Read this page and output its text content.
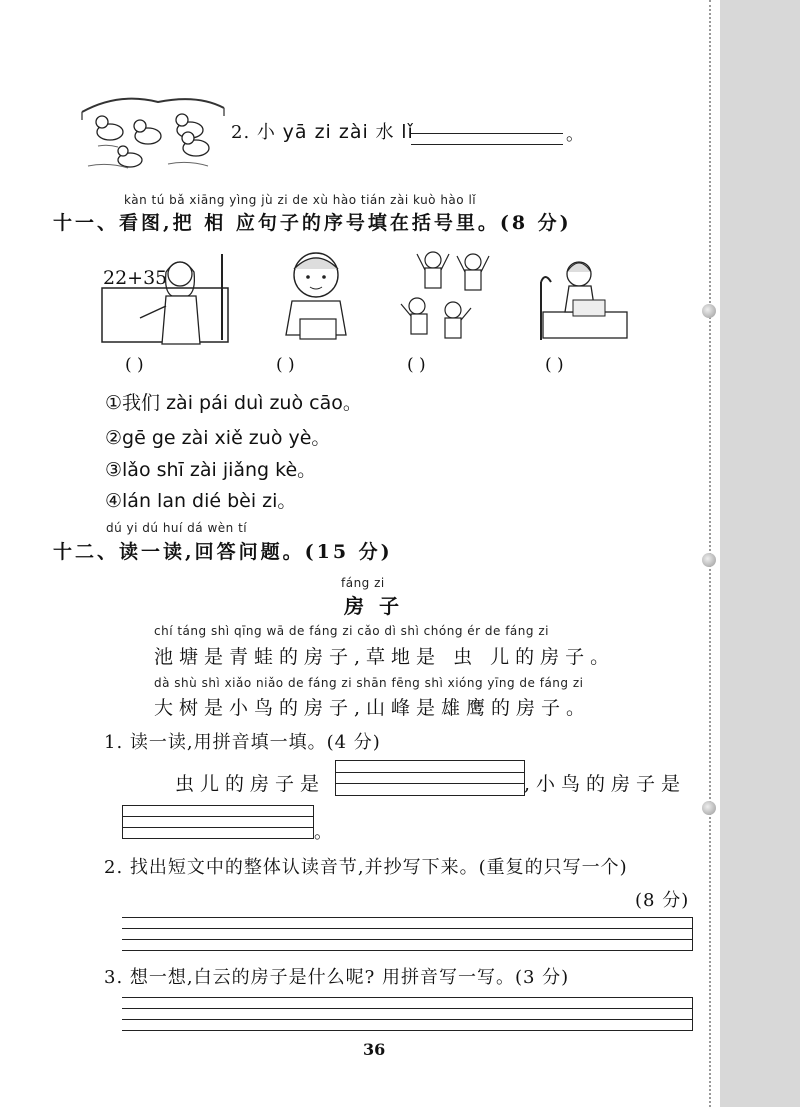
2. 小 yā zi zài 水 lǐ	。
kàn tú bǎ xiāng yìng jù zi de xù hào tián zài kuò hào lǐ
十一、看图,把 相 应句子的序号填在括号里。(8 分)
22+35
( )	( )	( )	( )
①我们 zài pái duì zuò cāo。
②gē ge zài xiě zuò yè。
③lǎo shī zài jiǎng kè。
④lán lan dié bèi zi。
dú yi dú huí dá wèn tí
十二、读一读,回答问题。(15 分)
fáng zi
房 子
chí táng shì qīng wā de fáng zi cǎo dì shì chóng ér de fáng zi
池塘是青蛙的房子,草地是 虫 儿的房子。
dà shù shì xiǎo niǎo de fáng zi shān fēng shì xióng yīng de fáng zi
大树是小鸟的房子,山峰是雄鹰的房子。
1. 读一读,用拼音填一填。(4 分)
虫儿的房子是	,小鸟的房子是
。
2. 找出短文中的整体认读音节,并抄写下来。(重复的只写一个)
(8 分)
3. 想一想,白云的房子是什么呢? 用拼音写一写。(3 分)
36
